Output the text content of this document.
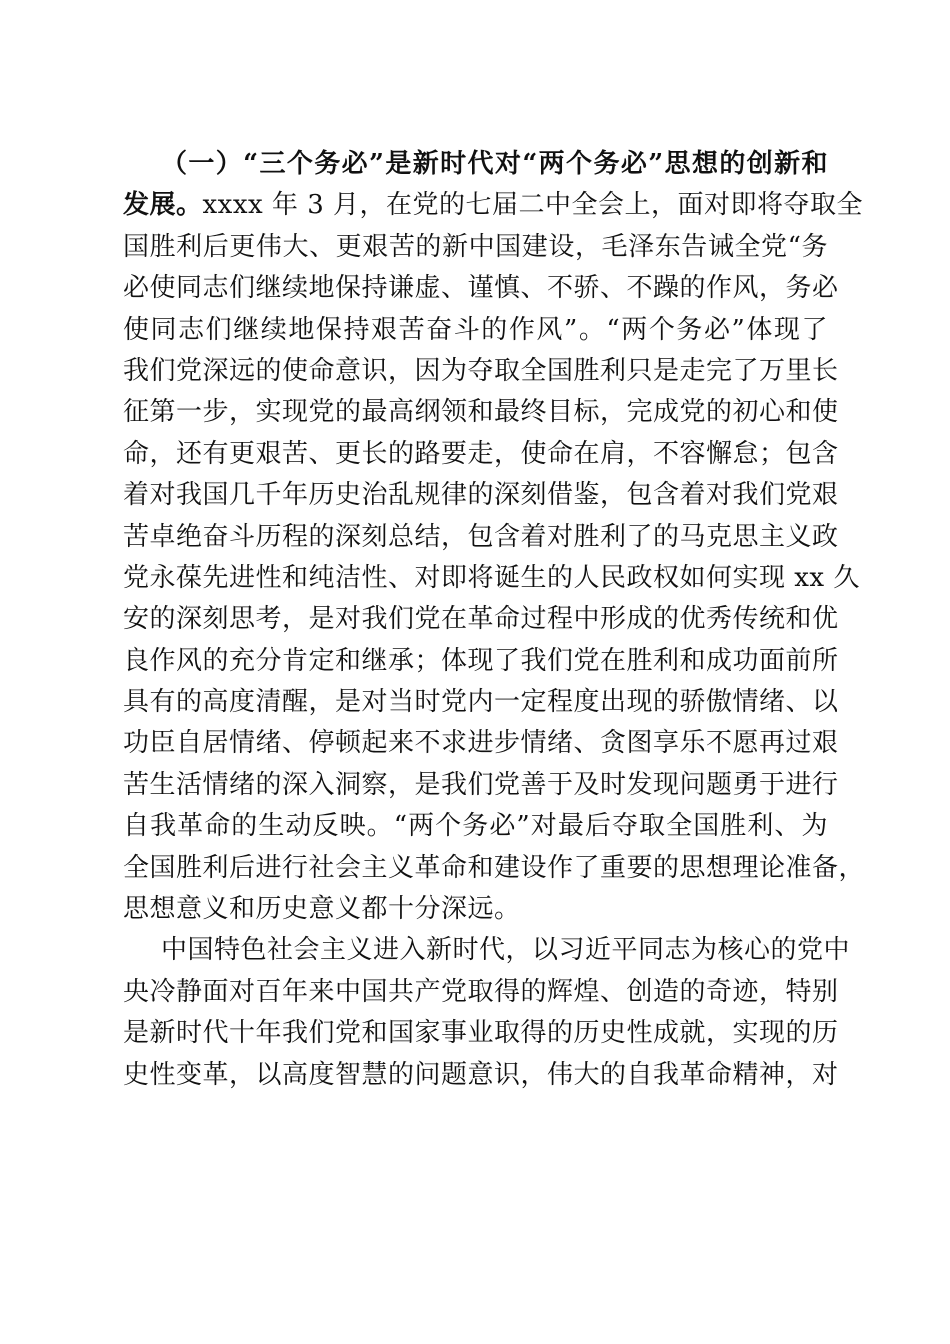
（一）“三个务必”是新时代对“两个务必”思想的创新和
发展。xxxx 年 3 月，在党的七届二中全会上，面对即将夺取全
国胜利后更伟大、更艰苦的新中国建设，毛泽东告诫全党“务
必使同志们继续地保持谦虚、谨慎、不骄、不躁的作风，务必
使同志们继续地保持艰苦奋斗的作风”。“两个务必”体现了
我们党深远的使命意识，因为夺取全国胜利只是走完了万里长
征第一步，实现党的最高纲领和最终目标，完成党的初心和使
命，还有更艰苦、更长的路要走，使命在肩，不容懈怠；包含
着对我国几千年历史治乱规律的深刻借鉴，包含着对我们党艰
苦卓绝奋斗历程的深刻总结，包含着对胜利了的马克思主义政
党永葆先进性和纯洁性、对即将诞生的人民政权如何实现 xx 久
安的深刻思考，是对我们党在革命过程中形成的优秀传统和优
良作风的充分肯定和继承；体现了我们党在胜利和成功面前所
具有的高度清醒，是对当时党内一定程度出现的骄傲情绪、以
功臣自居情绪、停顿起来不求进步情绪、贪图享乐不愿再过艰
苦生活情绪的深入洞察，是我们党善于及时发现问题勇于进行
自我革命的生动反映。“两个务必”对最后夺取全国胜利、为
全国胜利后进行社会主义革命和建设作了重要的思想理论准备，
思想意义和历史意义都十分深远。
中国特色社会主义进入新时代，以习近平同志为核心的党中
央冷静面对百年来中国共产党取得的辉煌、创造的奇迹，特别
是新时代十年我们党和国家事业取得的历史性成就，实现的历
史性变革，以高度智慧的问题意识，伟大的自我革命精神，对
